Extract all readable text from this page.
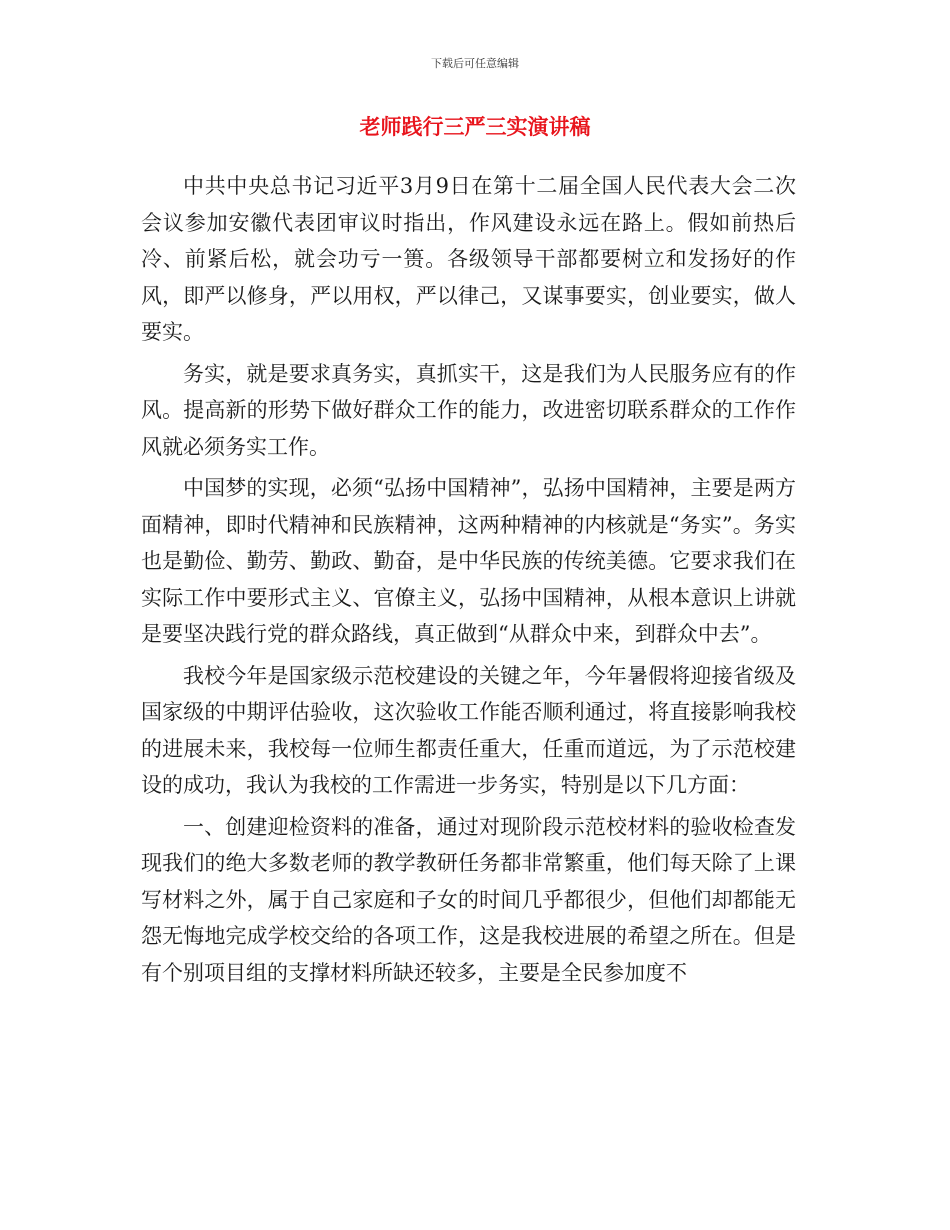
下载后可任意编辑
老师践行三严三实演讲稿

中共中央总书记习近平3月9日在第十二届全国人民代表大会二次会议参加安徽代表团审议时指出，作风建设永远在路上。假如前热后冷、前紧后松，就会功亏一篑。各级领导干部都要树立和发扬好的作风，即严以修身，严以用权，严以律己，又谋事要实，创业要实，做人要实。

务实，就是要求真务实，真抓实干，这是我们为人民服务应有的作风。提高新的形势下做好群众工作的能力，改进密切联系群众的工作作风就必须务实工作。

中国梦的实现，必须“弘扬中国精神”，弘扬中国精神，主要是两方面精神，即时代精神和民族精神，这两种精神的内核就是“务实”。务实也是勤俭、勤劳、勤政、勤奋，是中华民族的传统美德。它要求我们在实际工作中要形式主义、官僚主义，弘扬中国精神，从根本意识上讲就是要坚决践行党的群众路线，真正做到“从群众中来，到群众中去”。

我校今年是国家级示范校建设的关键之年，今年暑假将迎接省级及国家级的中期评估验收，这次验收工作能否顺利通过，将直接影响我校的进展未来，我校每一位师生都责任重大，任重而道远，为了示范校建设的成功，我认为我校的工作需进一步务实，特别是以下几方面：

一、创建迎检资料的准备，通过对现阶段示范校材料的验收检查发现我们的绝大多数老师的教学教研任务都非常繁重，他们每天除了上课写材料之外，属于自己家庭和子女的时间几乎都很少，但他们却都能无怨无悔地完成学校交给的各项工作，这是我校进展的希望之所在。但是有个别项目组的支撑材料所缺还较多，主要是全民参加度不
